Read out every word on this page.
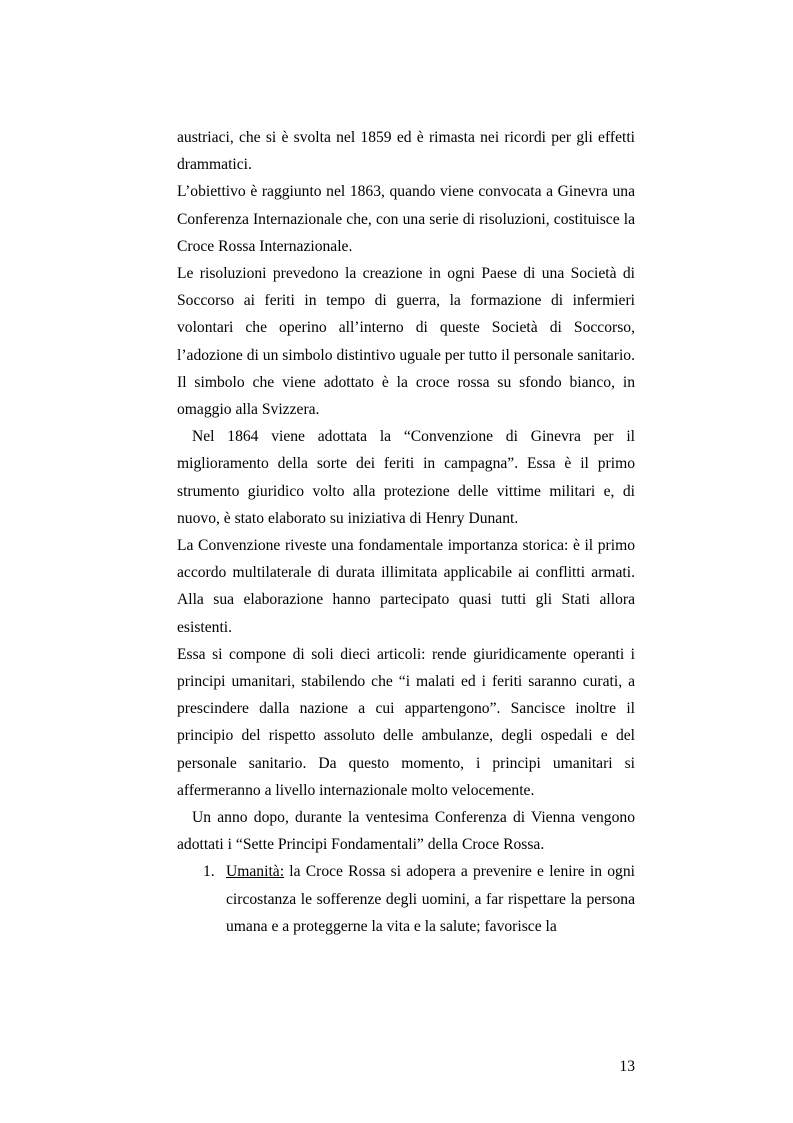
austriaci, che si è svolta nel 1859 ed è rimasta nei ricordi per gli effetti drammatici.

L’obiettivo è raggiunto nel 1863, quando viene convocata a Ginevra una Conferenza Internazionale che, con una serie di risoluzioni, costituisce la Croce Rossa Internazionale.

Le risoluzioni prevedono la creazione in ogni Paese di una Società di Soccorso ai feriti in tempo di guerra, la formazione di infermieri volontari che operino all’interno di queste Società di Soccorso, l’adozione di un simbolo distintivo uguale per tutto il personale sanitario. Il simbolo che viene adottato è la croce rossa su sfondo bianco, in omaggio alla Svizzera.

Nel 1864 viene adottata la “Convenzione di Ginevra per il miglioramento della sorte dei feriti in campagna”. Essa è il primo strumento giuridico volto alla protezione delle vittime militari e, di nuovo, è stato elaborato su iniziativa di Henry Dunant.

La Convenzione riveste una fondamentale importanza storica: è il primo accordo multilaterale di durata illimitata applicabile ai conflitti armati. Alla sua elaborazione hanno partecipato quasi tutti gli Stati allora esistenti.

Essa si compone di soli dieci articoli: rende giuridicamente operanti i principi umanitari, stabilendo che “i malati ed i feriti saranno curati, a prescindere dalla nazione a cui appartengono”. Sancisce inoltre il principio del rispetto assoluto delle ambulanze, degli ospedali e del personale sanitario. Da questo momento, i principi umanitari si affermeranno a livello internazionale molto velocemente.

Un anno dopo, durante la ventesima Conferenza di Vienna vengono adottati i “Sette Principi Fondamentali” della Croce Rossa.

1. Umanità: la Croce Rossa si adopera a prevenire e lenire in ogni circostanza le sofferenze degli uomini, a far rispettare la persona umana e a proteggerne la vita e la salute; favorisce la
13
